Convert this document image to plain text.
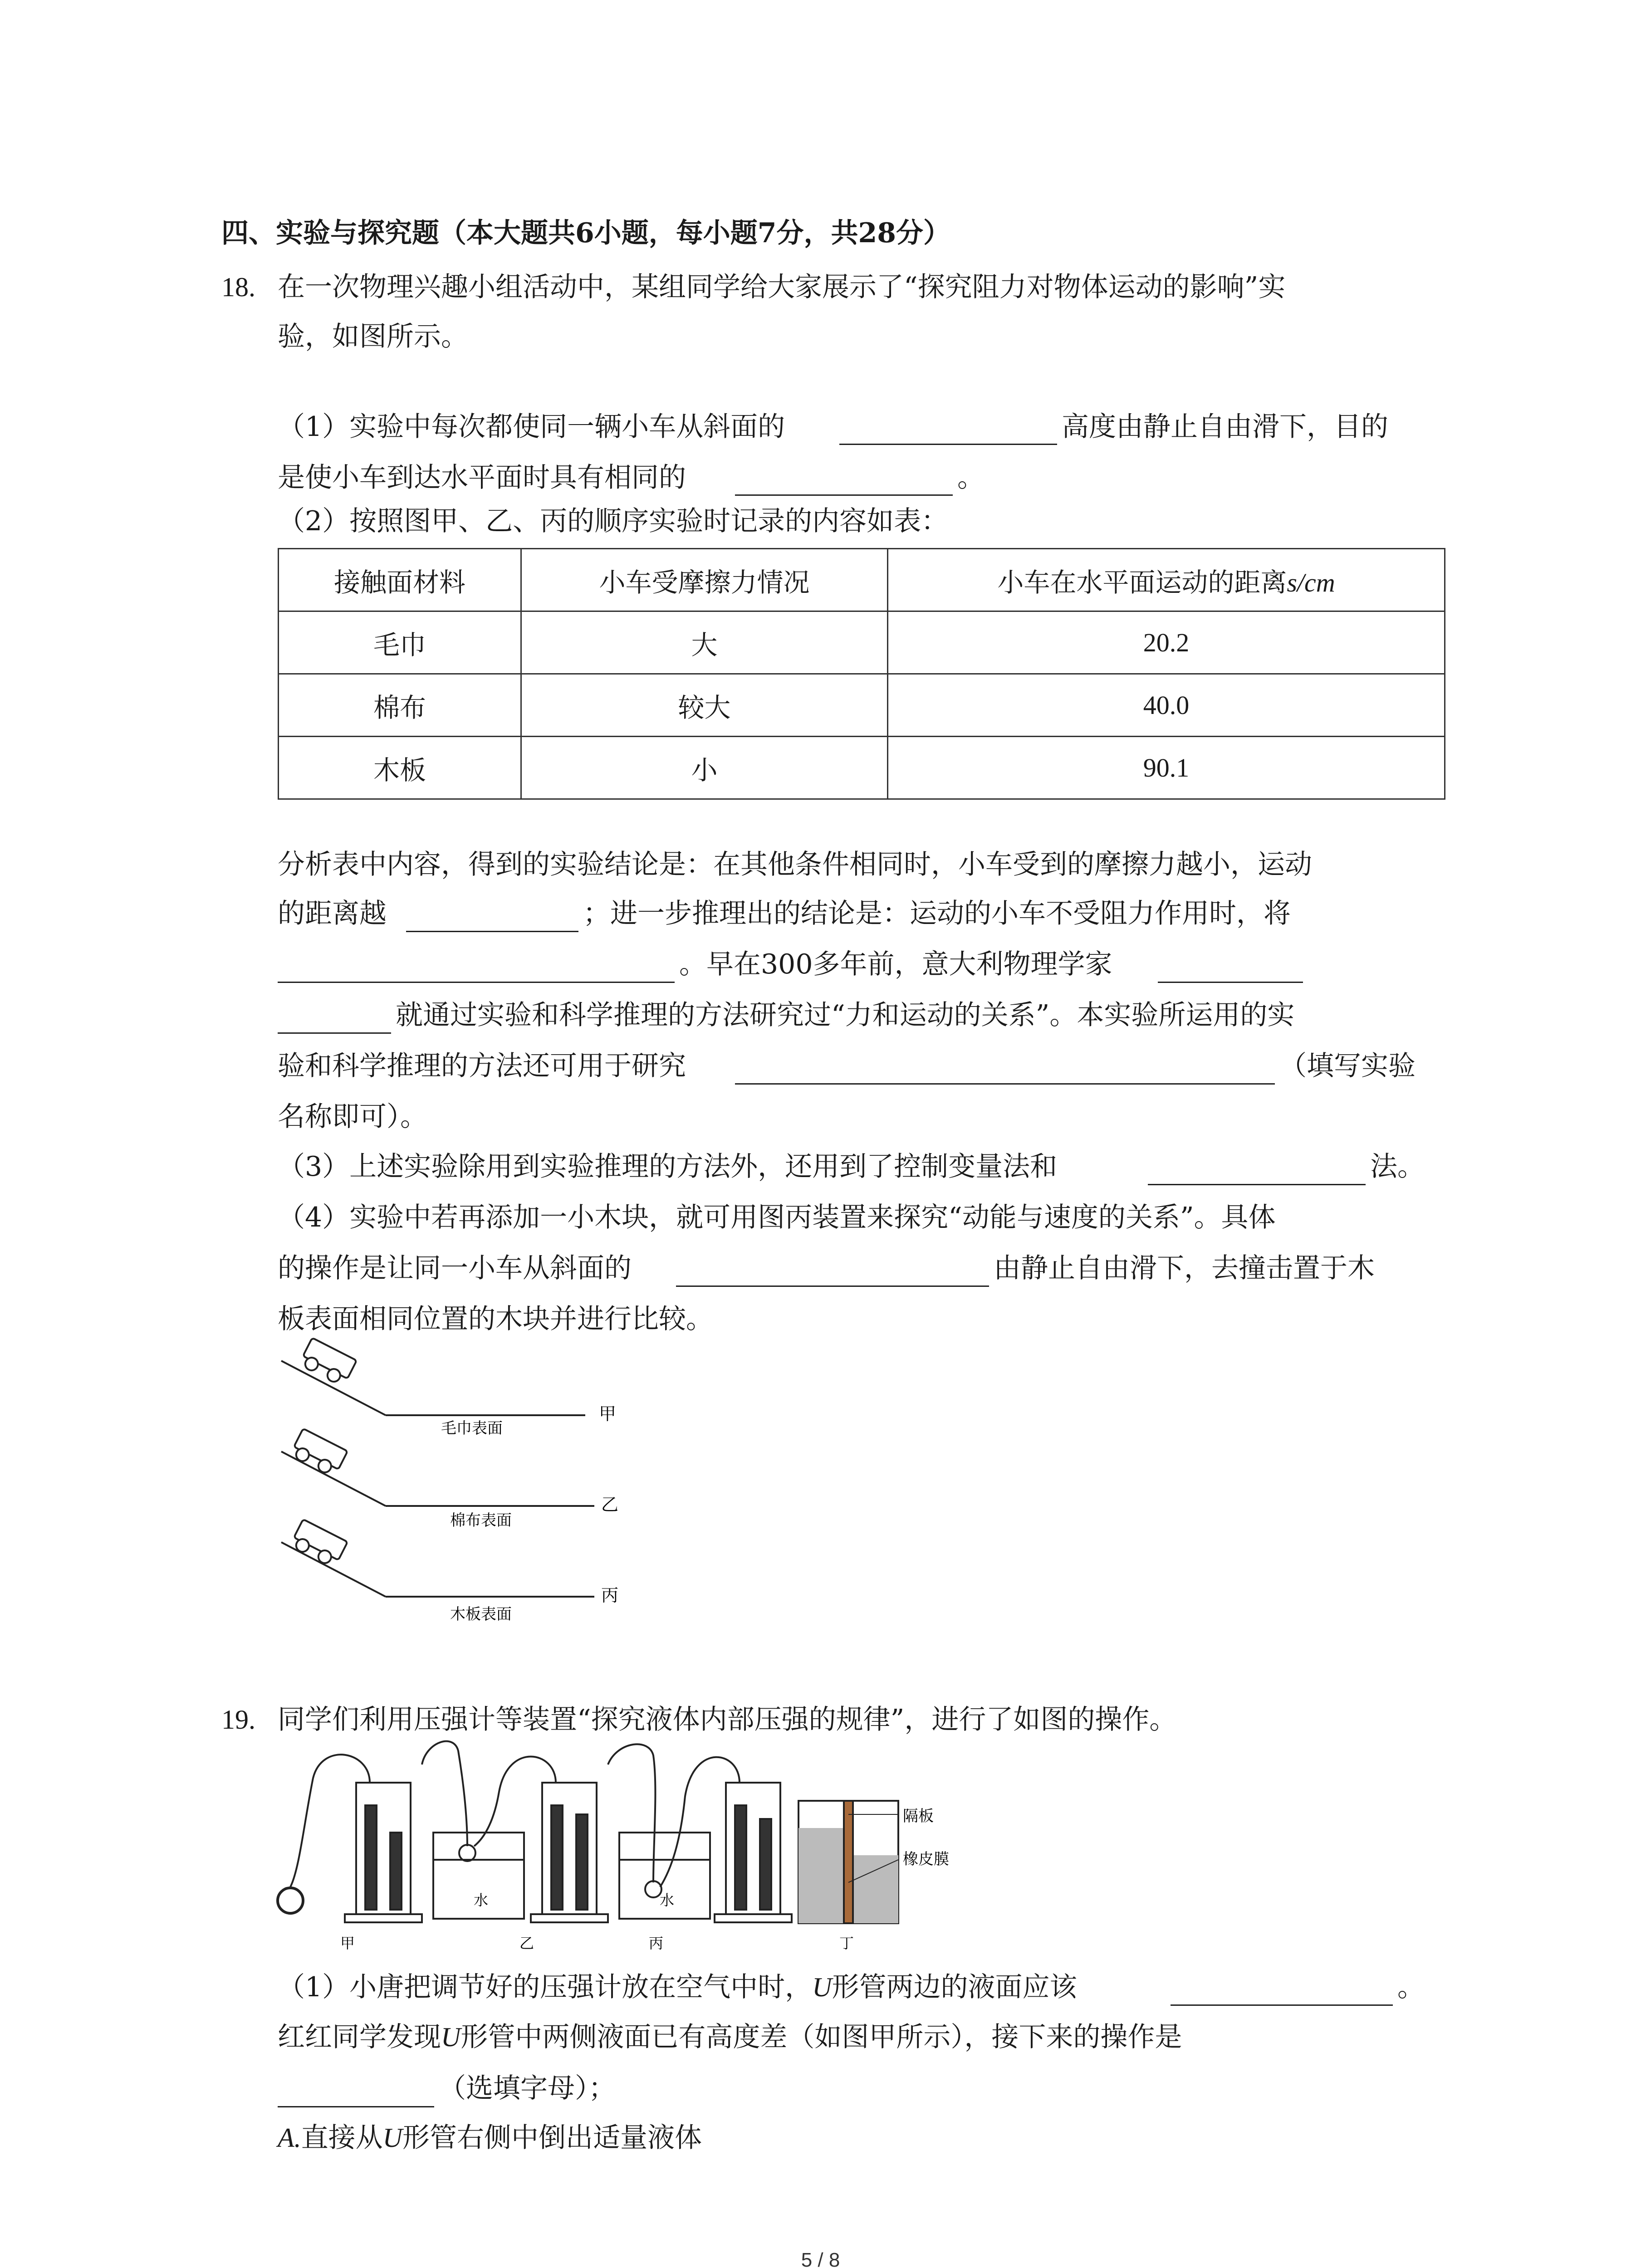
四、实验与探究题（本大题共6小题，每小题7分，共28分）
18. 在一次物理兴趣小组活动中，某组同学给大家展示了“探究阻力对物体运动的影响”实
验，如图所示。
（1）实验中每次都使同一辆小车从斜面的	高度由静止自由滑下，目的
是使小车到达水平面时具有相同的	。
（2）按照图甲、乙、丙的顺序实验时记录的内容如表：
接触面材料	小车受摩擦力情况	小车在水平面运动的距离s/cm
毛巾	大	20.2
棉布	较大	40.0
木板	小	90.1
分析表中内容，得到的实验结论是：在其他条件相同时，小车受到的摩擦力越小，运动
的距离越	；进一步推理出的结论是：运动的小车不受阻力作用时，将
。早在300多年前，意大利物理学家
就通过实验和科学推理的方法研究过“力和运动的关系”。本实验所运用的实
验和科学推理的方法还可用于研究	（填写实验
名称即可）。
（3）上述实验除用到实验推理的方法外，还用到了控制变量法和	法。
（4）实验中若再添加一小木块，就可用图丙装置来探究“动能与速度的关系”。具体
的操作是让同一小车从斜面的	由静止自由滑下，去撞击置于木
板表面相同位置的木块并进行比较。
毛巾表面
甲
棉布表面
乙
木板表面
丙
19. 同学们利用压强计等装置“探究液体内部压强的规律”，进行了如图的操作。
水	水
隔板
橡皮膜
甲	乙	丙	丁
（1）小唐把调节好的压强计放在空气中时，U形管两边的液面应该	。
红红同学发现U形管中两侧液面已有高度差（如图甲所示），接下来的操作是
（选填字母）；
A.直接从U形管右侧中倒出适量液体
5 / 8
